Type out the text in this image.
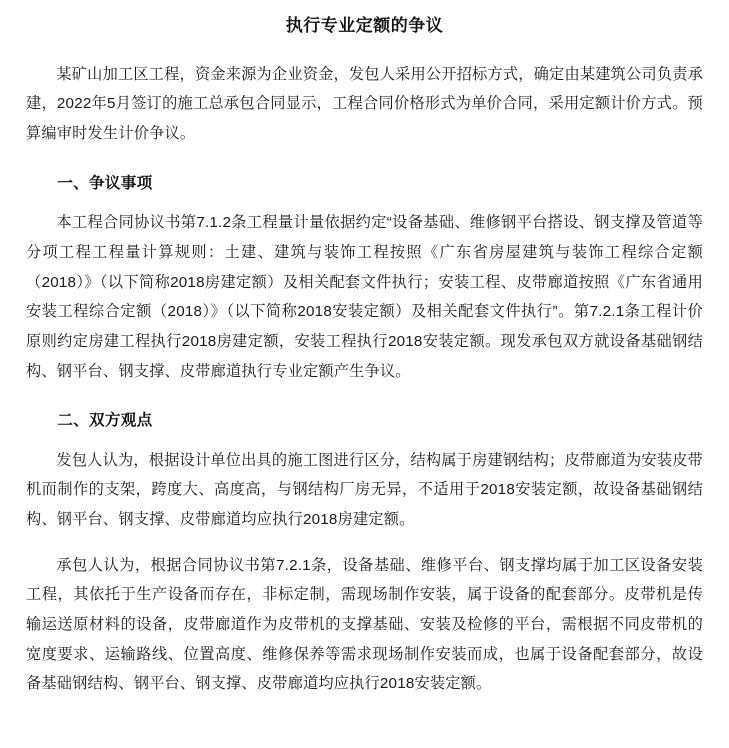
执行专业定额的争议

某矿山加工区工程，资金来源为企业资金，发包人采用公开招标方式，确定由某建筑公司负责承建，2022年5月签订的施工总承包合同显示，工程合同价格形式为单价合同，采用定额计价方式。预算编审时发生计价争议。

一、争议事项

本工程合同协议书第7.1.2条工程量计量依据约定“设备基础、维修钢平台搭设、钢支撑及管道等分项工程工程量计算规则：土建、建筑与装饰工程按照《广东省房屋建筑与装饰工程综合定额（2018）》（以下简称2018房建定额）及相关配套文件执行；安装工程、皮带廊道按照《广东省通用安装工程综合定额（2018）》（以下简称2018安装定额）及相关配套文件执行”。第7.2.1条工程计价原则约定房建工程执行2018房建定额，安装工程执行2018安装定额。现发承包双方就设备基础钢结构、钢平台、钢支撑、皮带廊道执行专业定额产生争议。

二、双方观点

发包人认为，根据设计单位出具的施工图进行区分，结构属于房建钢结构；皮带廊道为安装皮带机而制作的支架，跨度大、高度高，与钢结构厂房无异，不适用于2018安装定额，故设备基础钢结构、钢平台、钢支撑、皮带廊道均应执行2018房建定额。

承包人认为，根据合同协议书第7.2.1条，设备基础、维修平台、钢支撑均属于加工区设备安装工程，其依托于生产设备而存在，非标定制，需现场制作安装，属于设备的配套部分。皮带机是传输运送原材料的设备，皮带廊道作为皮带机的支撑基础、安装及检修的平台，需根据不同皮带机的宽度要求、运输路线、位置高度、维修保养等需求现场制作安装而成，也属于设备配套部分，故设备基础钢结构、钢平台、钢支撑、皮带廊道均应执行2018安装定额。
